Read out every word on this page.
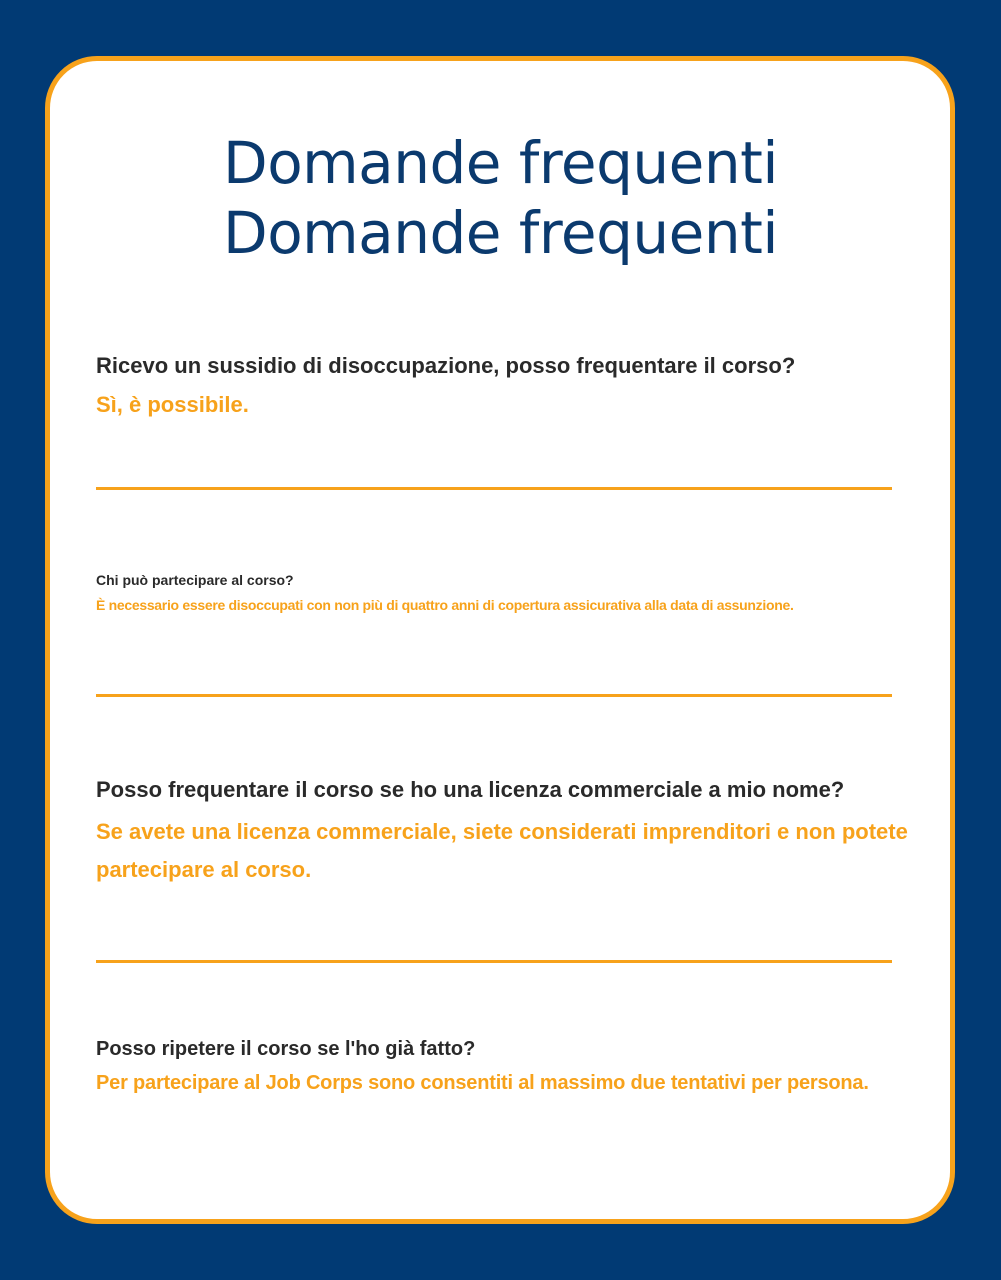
Domande frequenti
Domande frequenti
Ricevo un sussidio di disoccupazione, posso frequentare il corso?
Sì, è possibile.
Chi può partecipare al corso?
È necessario essere disoccupati con non più di quattro anni di copertura assicurativa alla data di assunzione.
Posso frequentare il corso se ho una licenza commerciale a mio nome?
Se avete una licenza commerciale, siete considerati imprenditori e non potete partecipare al corso.
Posso ripetere il corso se l'ho già fatto?
Per partecipare al Job Corps sono consentiti al massimo due tentativi per persona.
